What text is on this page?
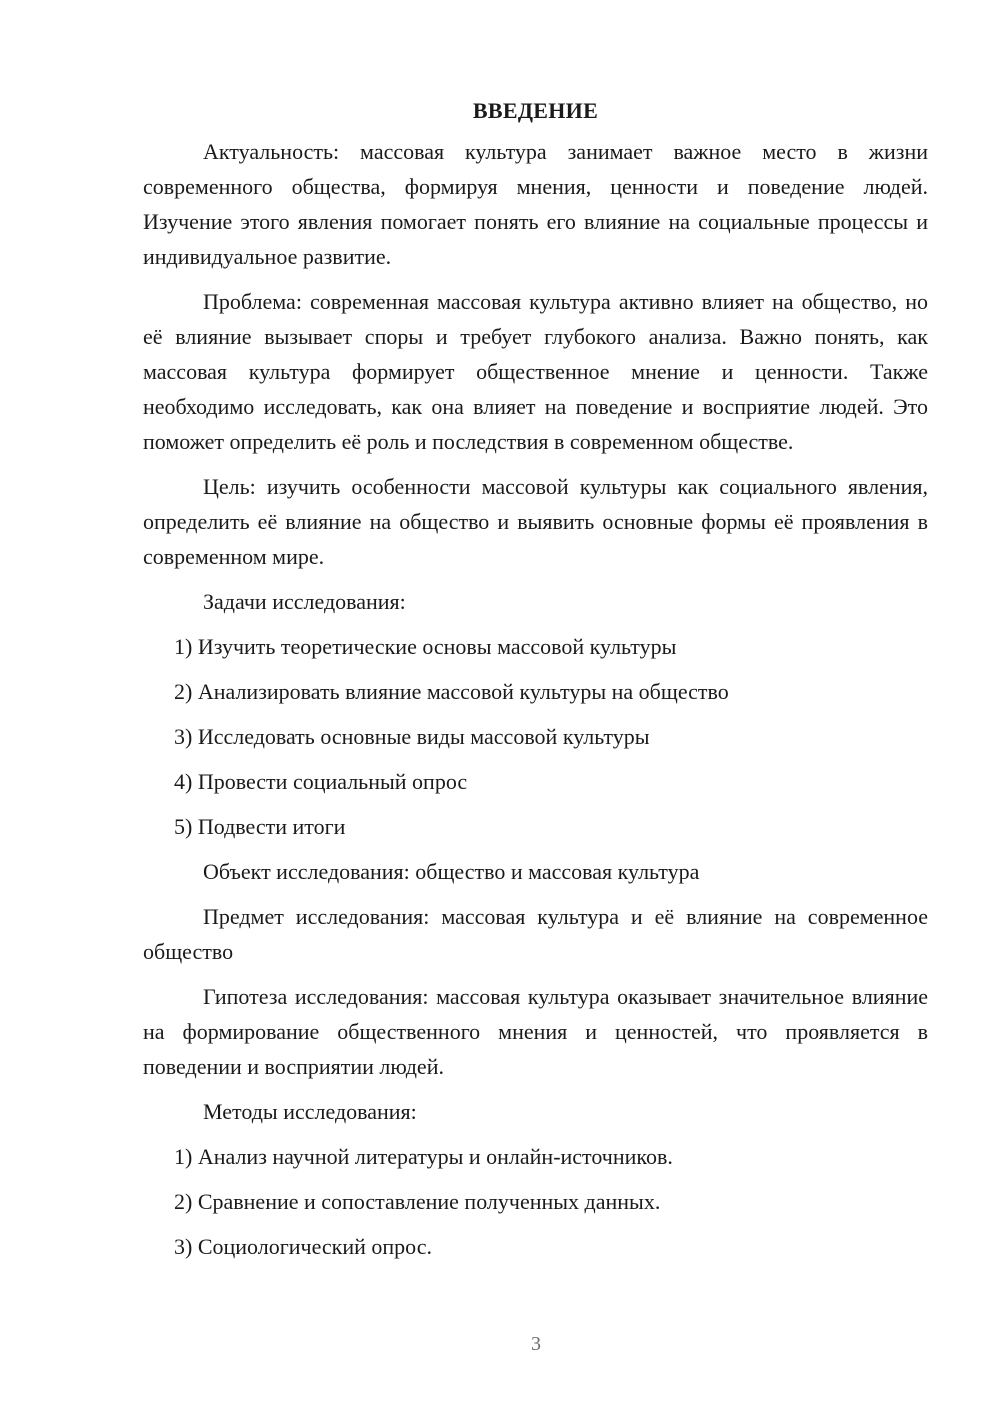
ВВЕДЕНИЕ

Актуальность: массовая культура занимает важное место в жизни современного общества, формируя мнения, ценности и поведение людей. Изучение этого явления помогает понять его влияние на социальные процессы и индивидуальное развитие.

Проблема: современная массовая культура активно влияет на общество, но её влияние вызывает споры и требует глубокого анализа. Важно понять, как массовая культура формирует общественное мнение и ценности. Также необходимо исследовать, как она влияет на поведение и восприятие людей. Это поможет определить её роль и последствия в современном обществе.

Цель: изучить особенности массовой культуры как социального явления, определить её влияние на общество и выявить основные формы её проявления в современном мире.

Задачи исследования:

1) Изучить теоретические основы массовой культуры
2) Анализировать влияние массовой культуры на общество
3) Исследовать основные виды массовой культуры
4) Провести социальный опрос
5) Подвести итоги

Объект исследования: общество и массовая культура

Предмет исследования: массовая культура и её влияние на современное общество

Гипотеза исследования: массовая культура оказывает значительное влияние на формирование общественного мнения и ценностей, что проявляется в поведении и восприятии людей.

Методы исследования:

1) Анализ научной литературы и онлайн-источников.
2) Сравнение и сопоставление полученных данных.
3) Социологический опрос.
3
